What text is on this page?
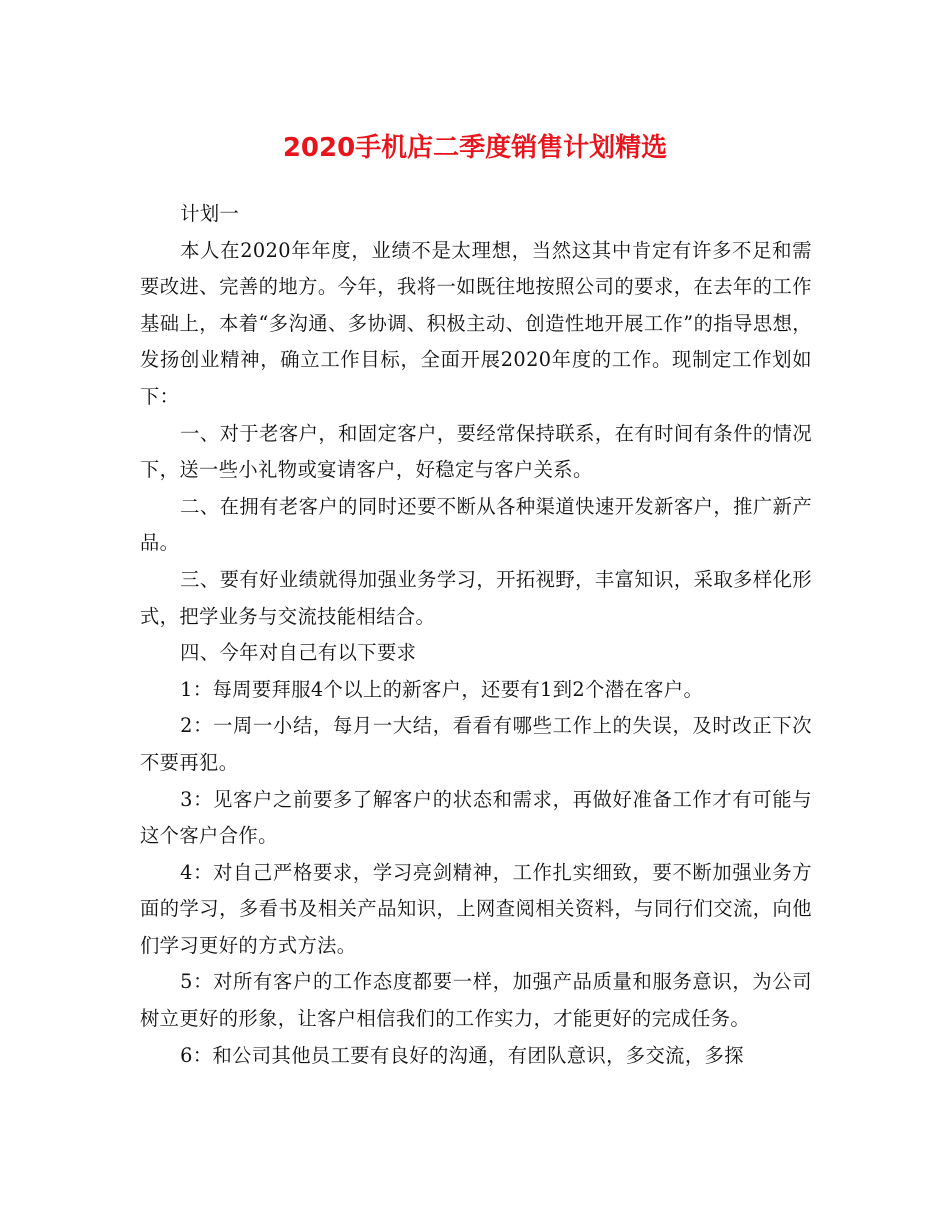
2020手机店二季度销售计划精选

计划一

本人在2020年年度，业绩不是太理想，当然这其中肯定有许多不足和需要改进、完善的地方。今年，我将一如既往地按照公司的要求，在去年的工作基础上，本着“多沟通、多协调、积极主动、创造性地开展工作”的指导思想，发扬创业精神，确立工作目标，全面开展2020年度的工作。现制定工作划如下：

一、对于老客户，和固定客户，要经常保持联系，在有时间有条件的情况下，送一些小礼物或宴请客户，好稳定与客户关系。

二、在拥有老客户的同时还要不断从各种渠道快速开发新客户，推广新产品。

三、要有好业绩就得加强业务学习，开拓视野，丰富知识，采取多样化形式，把学业务与交流技能相结合。

四、今年对自己有以下要求

1：每周要拜服4个以上的新客户，还要有1到2个潜在客户。

2：一周一小结，每月一大结，看看有哪些工作上的失误，及时改正下次不要再犯。

3：见客户之前要多了解客户的状态和需求，再做好准备工作才有可能与这个客户合作。

4：对自己严格要求，学习亮剑精神，工作扎实细致，要不断加强业务方面的学习，多看书及相关产品知识，上网查阅相关资料，与同行们交流，向他们学习更好的方式方法。

5：对所有客户的工作态度都要一样，加强产品质量和服务意识，为公司树立更好的形象，让客户相信我们的工作实力，才能更好的完成任务。

6：和公司其他员工要有良好的沟通，有团队意识，多交流，多探
